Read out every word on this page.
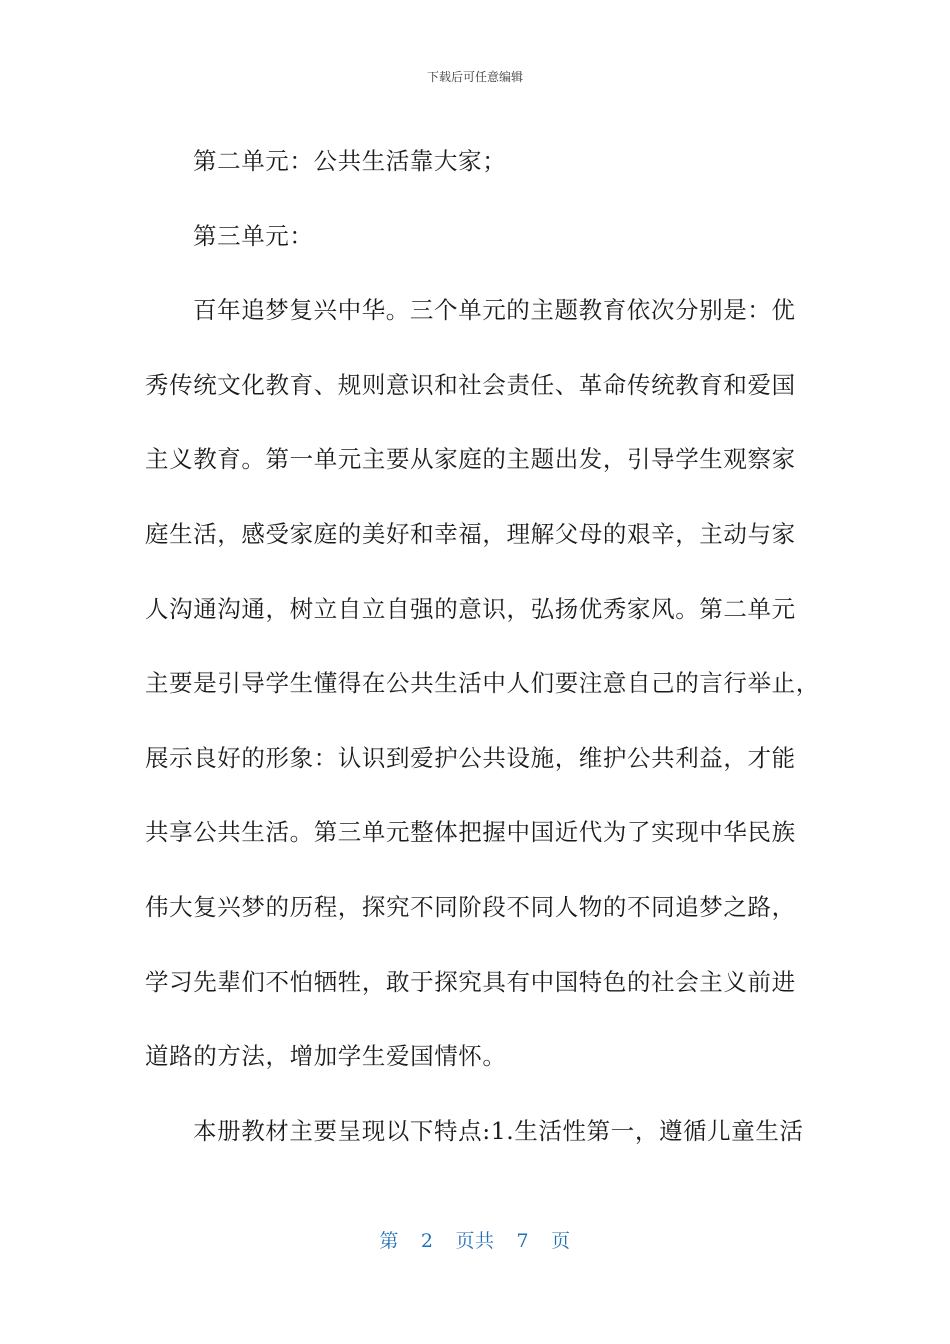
下载后可任意编辑
第二单元：公共生活靠大家；
第三单元：
百年追梦复兴中华。三个单元的主题教育依次分别是：优
秀传统文化教育、规则意识和社会责任、革命传统教育和爱国
主义教育。第一单元主要从家庭的主题出发，引导学生观察家
庭生活，感受家庭的美好和幸福，理解父母的艰辛，主动与家
人沟通沟通，树立自立自强的意识，弘扬优秀家风。第二单元
主要是引导学生懂得在公共生活中人们要注意自己的言行举止，
展示良好的形象：认识到爱护公共设施，维护公共利益，才能
共享公共生活。第三单元整体把握中国近代为了实现中华民族
伟大复兴梦的历程，探究不同阶段不同人物的不同追梦之路，
学习先辈们不怕牺牲，敢于探究具有中国特色的社会主义前进
道路的方法，增加学生爱国情怀。
本册教材主要呈现以下特点:1.生活性第一，遵循儿童生活
第 2 页共 7 页
